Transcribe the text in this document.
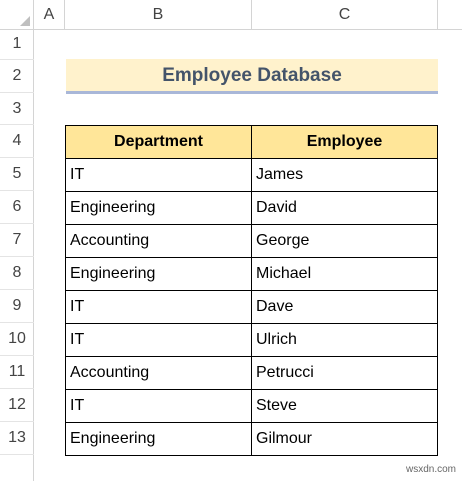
A	B	C
1
2
3
4
5
6
7
8
9
10
11
12
13
Employee Database
Department	Employee
IT	James
Engineering	David
Accounting	George
Engineering	Michael
IT	Dave
IT	Ulrich
Accounting	Petrucci
IT	Steve
Engineering	Gilmour
wsxdn.com
